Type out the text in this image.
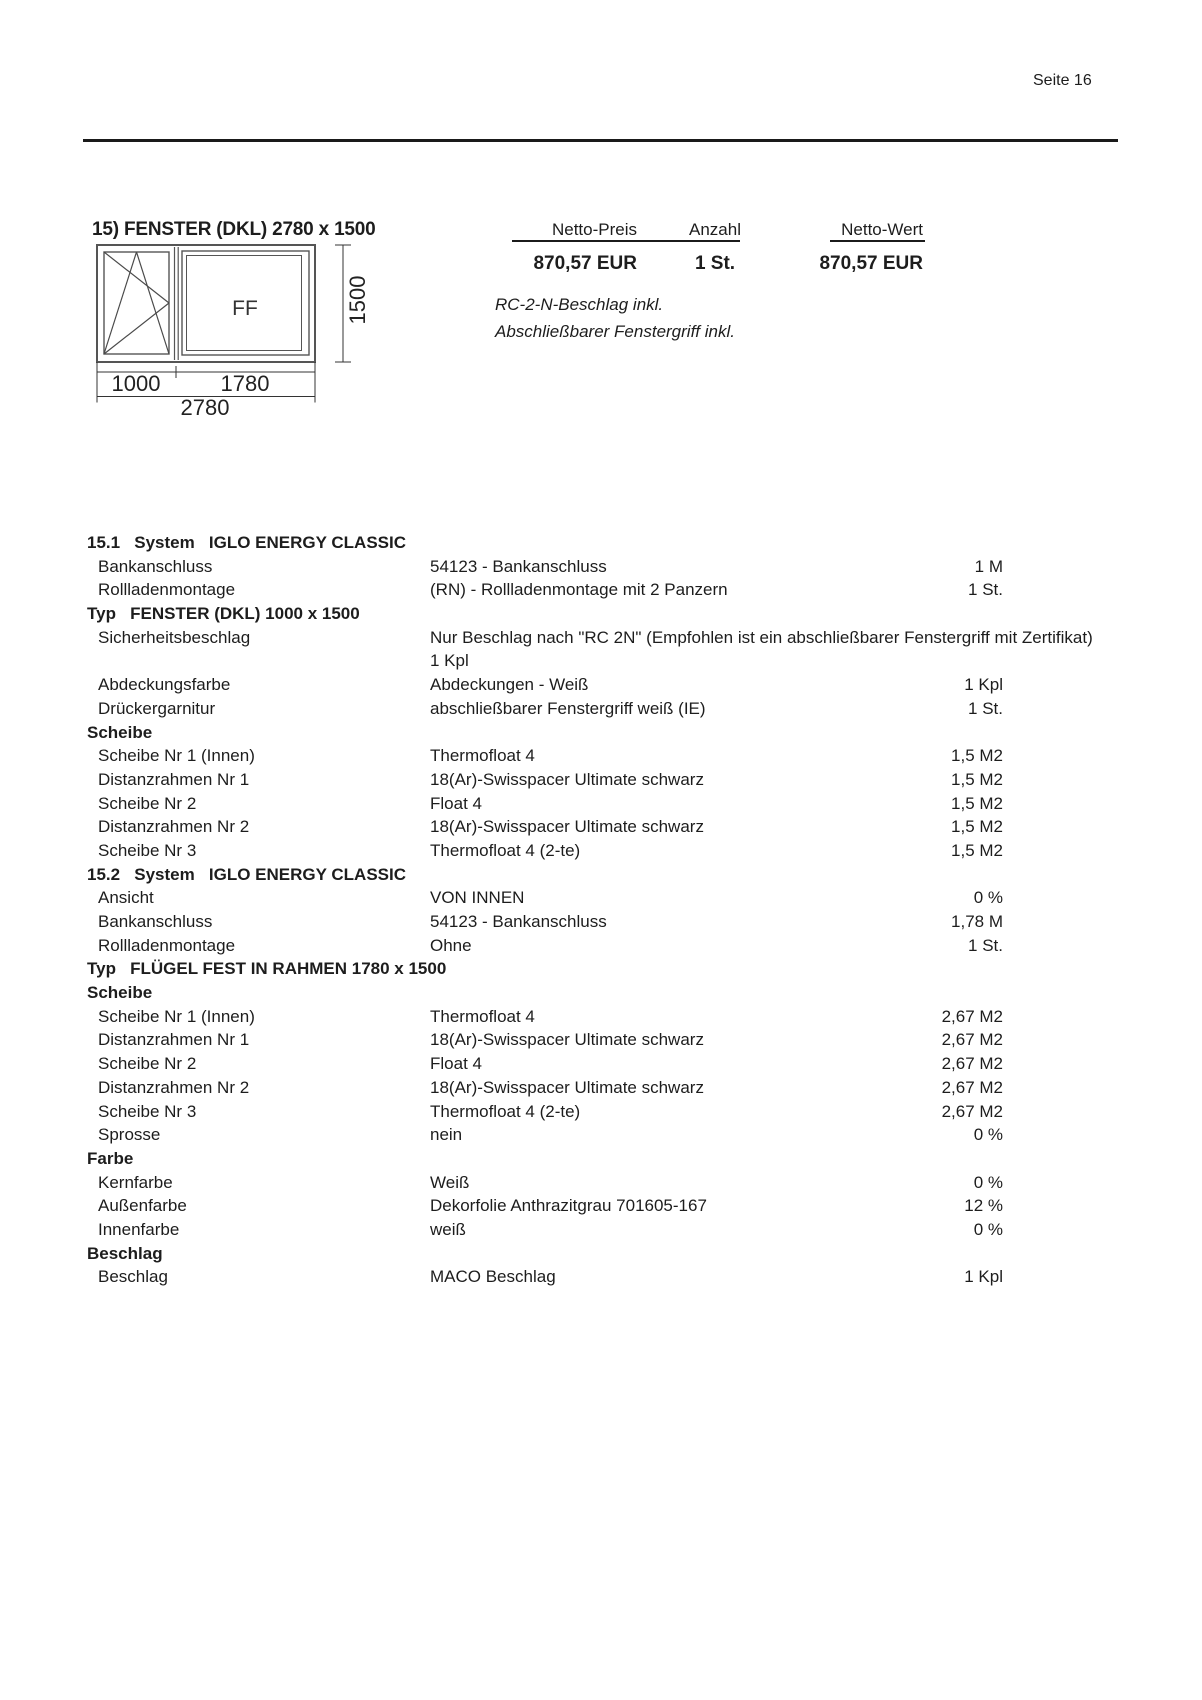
Seite 16
15) FENSTER (DKL) 2780 x 1500	Netto-Preis	Anzahl	Netto-Wert
870,57 EUR	1 St.	870,57 EUR
RC-2-N-Beschlag inkl.
Abschließbarer Fenstergriff inkl.
FF
1000	1780
2780
1500
15.1   System   IGLO ENERGY CLASSIC
Bankanschluss	54123 - Bankanschluss	1 M
Rollladenmontage	(RN) - Rollladenmontage mit 2 Panzern	1 St.
Typ   FENSTER (DKL) 1000 x 1500
Sicherheitsbeschlag	Nur Beschlag nach "RC 2N" (Empfohlen ist ein abschließbarer Fenstergriff mit Zertifikat)
1 Kpl
Abdeckungsfarbe	Abdeckungen - Weiß	1 Kpl
Drückergarnitur	abschließbarer Fenstergriff weiß (IE)	1 St.
Scheibe
Scheibe Nr 1 (Innen)	Thermofloat 4	1,5 M2
Distanzrahmen Nr 1	18(Ar)-Swisspacer Ultimate schwarz	1,5 M2
Scheibe Nr 2	Float 4	1,5 M2
Distanzrahmen Nr 2	18(Ar)-Swisspacer Ultimate schwarz	1,5 M2
Scheibe Nr 3	Thermofloat 4 (2-te)	1,5 M2
15.2   System   IGLO ENERGY CLASSIC
Ansicht	VON INNEN	0 %
Bankanschluss	54123 - Bankanschluss	1,78 M
Rollladenmontage	Ohne	1 St.
Typ   FLÜGEL FEST IN RAHMEN 1780 x 1500
Scheibe
Scheibe Nr 1 (Innen)	Thermofloat 4	2,67 M2
Distanzrahmen Nr 1	18(Ar)-Swisspacer Ultimate schwarz	2,67 M2
Scheibe Nr 2	Float 4	2,67 M2
Distanzrahmen Nr 2	18(Ar)-Swisspacer Ultimate schwarz	2,67 M2
Scheibe Nr 3	Thermofloat 4 (2-te)	2,67 M2
Sprosse	nein	0 %
Farbe
Kernfarbe	Weiß	0 %
Außenfarbe	Dekorfolie Anthrazitgrau 701605-167	12 %
Innenfarbe	weiß	0 %
Beschlag
Beschlag	MACO Beschlag	1 Kpl
